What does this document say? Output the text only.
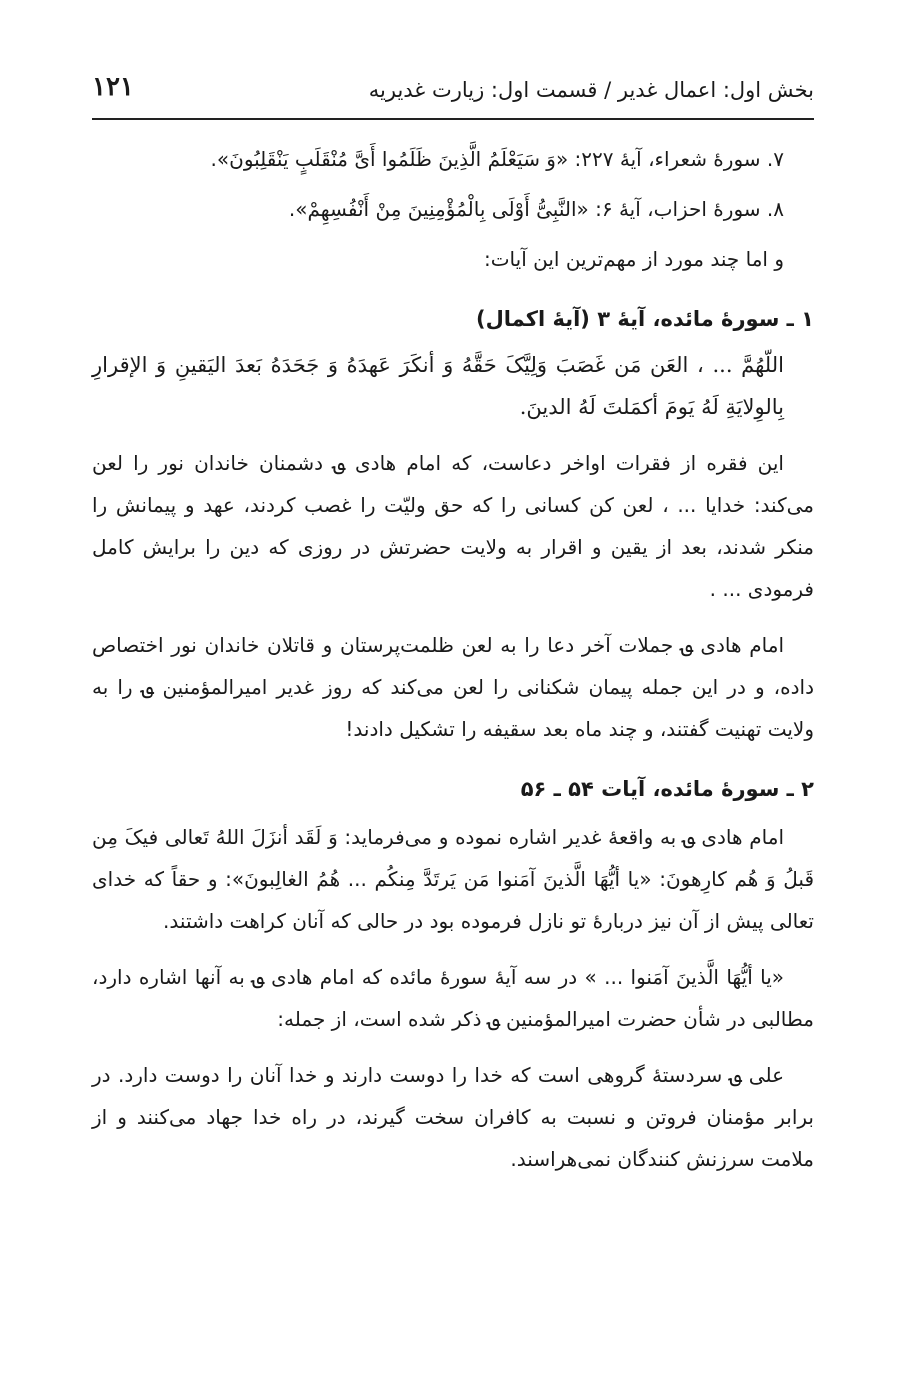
۱۲۱	بخش اول: اعمال غدیر / قسمت اول: زیارت غدیریه

۷. سورهٔ شعراء، آیهٔ ۲۲۷: «وَ سَیَعْلَمُ الَّذِینَ ظَلَمُوا أَیَّ مُنْقَلَبٍ یَنْقَلِبُونَ».

۸. سورهٔ احزاب، آیهٔ ۶: «النَّبِیُّ أَوْلَی بِالْمُؤْمِنِینَ مِنْ أَنْفُسِهِمْ».

و اما چند مورد از مهم‌ترین این آیات:

۱ ـ سورهٔ مائده، آیهٔ ۳ (آیهٔ اکمال)

اللّهُمَّ ... ، العَن مَن غَصَبَ وَلِیَّکَ حَقَّهُ وَ أنکَرَ عَهدَهُ وَ جَحَدَهُ بَعدَ الیَقینِ وَ الإقرارِ بِالوِلایَةِ لَهُ یَومَ أکمَلتَ لَهُ الدینَ.

این فقره از فقرات اواخر دعاست، که امام هادی ؈ دشمنان خاندان نور را لعن می‌کند: خدایا ... ، لعن کن کسانی را که حق ولیّت را غصب کردند، عهد و پیمانش را منکر شدند، بعد از یقین و اقرار به ولایت حضرتش در روزی که دین را برایش کامل فرمودی ... .

امام هادی ؈ جملات آخر دعا را به لعن ظلمت‌پرستان و قاتلان خاندان نور اختصاص داده، و در این جمله پیمان شکنانی را لعن می‌کند که روز غدیر امیرالمؤمنین ؈ را به ولایت تهنیت گفتند، و چند ماه بعد سقیفه را تشکیل دادند!

۲ ـ سورهٔ مائده، آیات ۵۴ ـ ۵۶

امام هادی ؈ به واقعهٔ غدیر اشاره نموده و می‌فرماید: وَ لَقَد أنزَلَ اللهُ تَعالی فیکَ مِن قَبلُ وَ هُم کارِهونَ: «یا أیُّهَا الَّذینَ آمَنوا مَن یَرتَدَّ مِنکُم ... هُمُ الغالِبونَ»: و حقاً که خدای تعالی پیش از آن نیز دربارهٔ تو نازل فرموده بود در حالی که آنان کراهت داشتند.

«یا أیُّهَا الَّذینَ آمَنوا ... » در سه آیهٔ سورهٔ مائده که امام هادی ؈ به آنها اشاره دارد، مطالبی در شأن حضرت امیرالمؤمنین ؈ ذکر شده است، از جمله:

علی ؈ سردستهٔ گروهی است که خدا را دوست دارند و خدا آنان را دوست دارد. در برابر مؤمنان فروتن و نسبت به کافران سخت گیرند، در راه خدا جهاد می‌کنند و از ملامت سرزنش کنندگان نمی‌هراسند.
